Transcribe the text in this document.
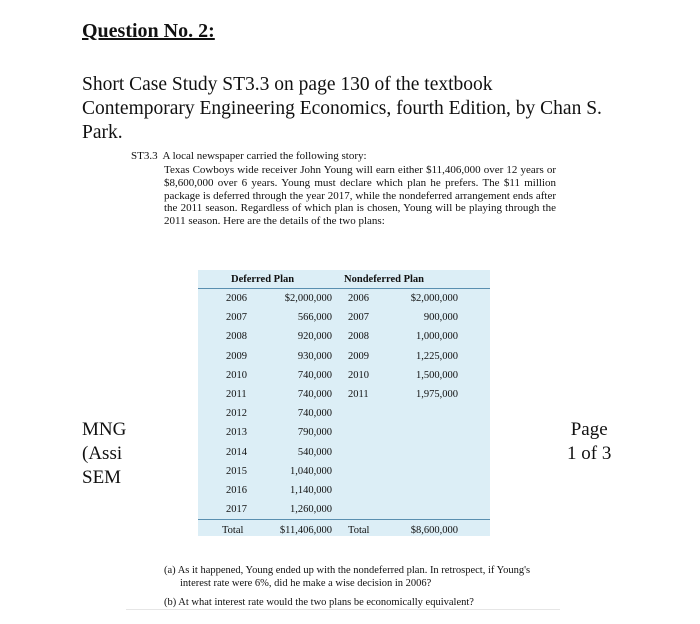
Question No. 2:
Short Case Study ST3.3 on page 130 of the textbook Contemporary Engineering Economics, fourth Edition, by Chan S. Park.
ST3.3 A local newspaper carried the following story:
Texas Cowboys wide receiver John Young will earn either $11,406,000 over 12 years or $8,600,000 over 6 years. Young must declare which plan he prefers. The $11 million package is deferred through the year 2017, while the nondeferred arrangement ends after the 2011 season. Regardless of which plan is chosen, Young will be playing through the 2011 season. Here are the details of the two plans:
Deferred Plan		Nondeferred Plan	
2006	$2,000,000	2006	$2,000,000
2007	566,000	2007	900,000
2008	920,000	2008	1,000,000
2009	930,000	2009	1,225,000
2010	740,000	2010	1,500,000
2011	740,000	2011	1,975,000
2012	740,000		
2013	790,000		
2014	540,000		
2015	1,040,000		
2016	1,140,000		
2017	1,260,000		
Total	$11,406,000	Total	$8,600,000
MNG
(Assi
SEM
Page
1 of 3

(a) As it happened, Young ended up with the nondeferred plan. In retrospect, if Young's interest rate were 6%, did he make a wise decision in 2006?

(b) At what interest rate would the two plans be economically equivalent?
